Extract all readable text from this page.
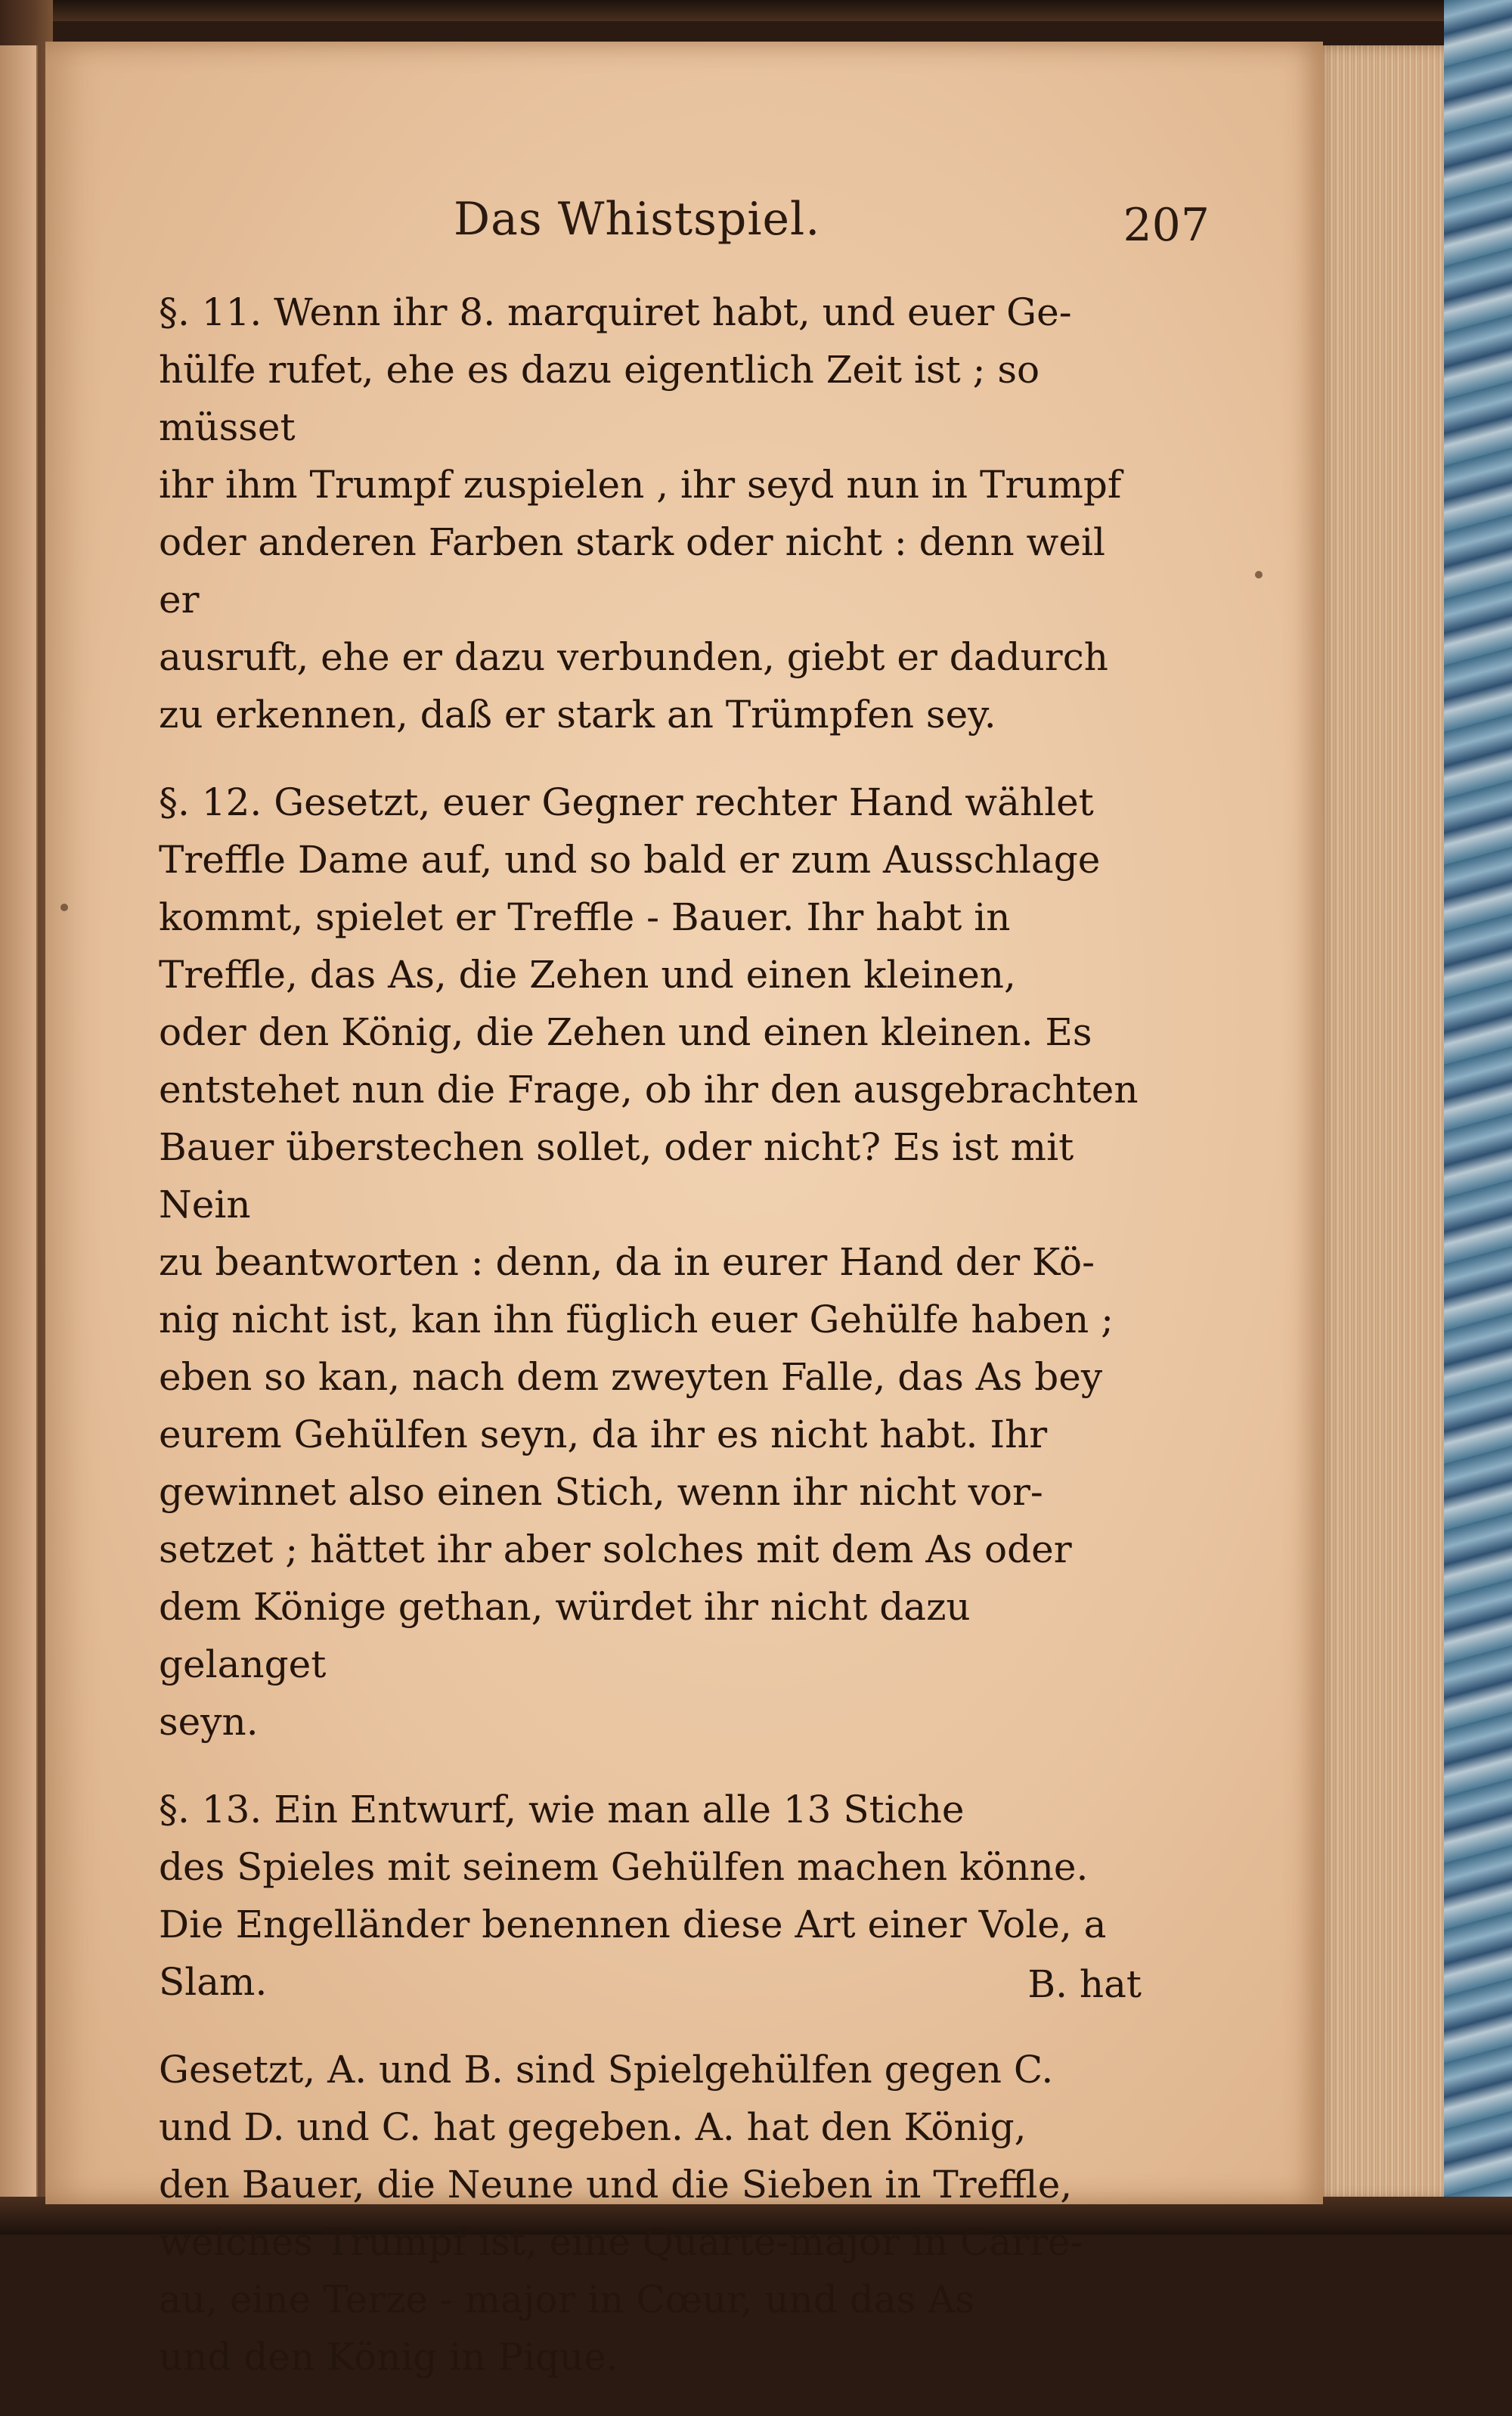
Das Whistspiel.	207

§. 11. Wenn ihr 8. marquiret habt, und euer Ge-
hülfe rufet, ehe es dazu eigentlich Zeit ist ; so müsset
ihr ihm Trumpf zuspielen , ihr seyd nun in Trumpf
oder anderen Farben stark oder nicht : denn weil er
ausruft, ehe er dazu verbunden, giebt er dadurch
zu erkennen, daß er stark an Trümpfen sey.

§. 12. Gesetzt, euer Gegner rechter Hand wählet
Treffle Dame auf, und so bald er zum Ausschlage
kommt, spielet er Treffle - Bauer. Ihr habt in
Treffle, das As, die Zehen und einen kleinen,
oder den König, die Zehen und einen kleinen. Es
entstehet nun die Frage, ob ihr den ausgebrachten
Bauer überstechen sollet, oder nicht? Es ist mit Nein
zu beantworten : denn, da in eurer Hand der Kö-
nig nicht ist, kan ihn füglich euer Gehülfe haben ;
eben so kan, nach dem zweyten Falle, das As bey
eurem Gehülfen seyn, da ihr es nicht habt. Ihr
gewinnet also einen Stich, wenn ihr nicht vor-
setzet ; hättet ihr aber solches mit dem As oder
dem Könige gethan, würdet ihr nicht dazu gelanget
seyn.

§. 13. Ein Entwurf, wie man alle 13 Stiche
des Spieles mit seinem Gehülfen machen könne.
Die Engelländer benennen diese Art einer Vole, a
Slam.

Gesetzt, A. und B. sind Spielgehülfen gegen C.
und D. und C. hat gegeben. A. hat den König,
den Bauer, die Neune und die Sieben in Treffle,
welches Trumpf ist, eine Quarte-major in Carre-
au, eine Terze - major in Cœur, und das As
und den König in Pique.

B. hat
